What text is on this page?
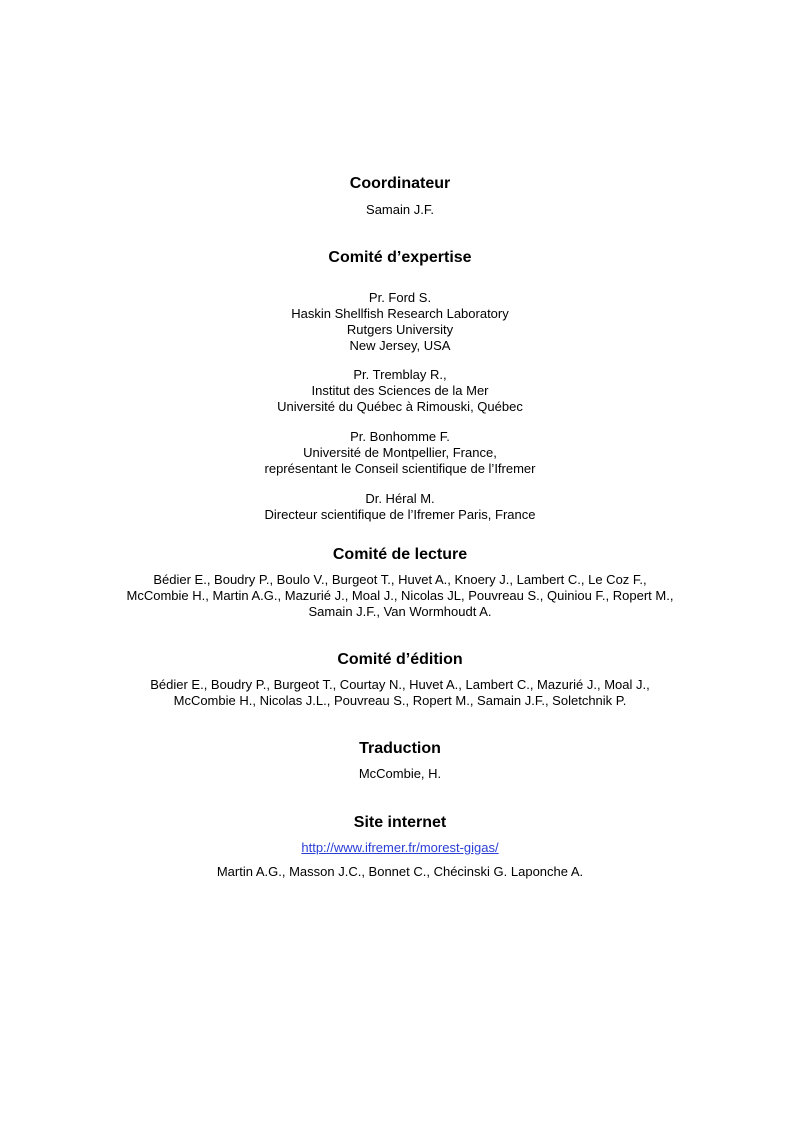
Coordinateur
Samain J.F.
Comité d’expertise
Pr. Ford S.
Haskin Shellfish Research Laboratory
Rutgers University
New Jersey, USA
Pr. Tremblay R.,
Institut des Sciences de la Mer
Université du Québec à Rimouski, Québec
Pr. Bonhomme F.
Université de Montpellier, France,
représentant le Conseil scientifique de l’Ifremer
Dr. Héral M.
Directeur scientifique de l’Ifremer Paris, France
Comité de lecture
Bédier E., Boudry P., Boulo V., Burgeot T., Huvet A., Knoery J., Lambert C., Le Coz F.,
McCombie H., Martin A.G., Mazurié J., Moal J., Nicolas JL, Pouvreau S., Quiniou F., Ropert M.,
Samain J.F., Van Wormhoudt A.
Comité d’édition
Bédier E., Boudry P., Burgeot T., Courtay N., Huvet A., Lambert C., Mazurié J., Moal J.,
McCombie H., Nicolas J.L., Pouvreau S., Ropert M., Samain J.F., Soletchnik P.
Traduction
McCombie, H.
Site internet
http://www.ifremer.fr/morest-gigas/
Martin A.G., Masson J.C., Bonnet C., Chécinski G. Laponche A.
